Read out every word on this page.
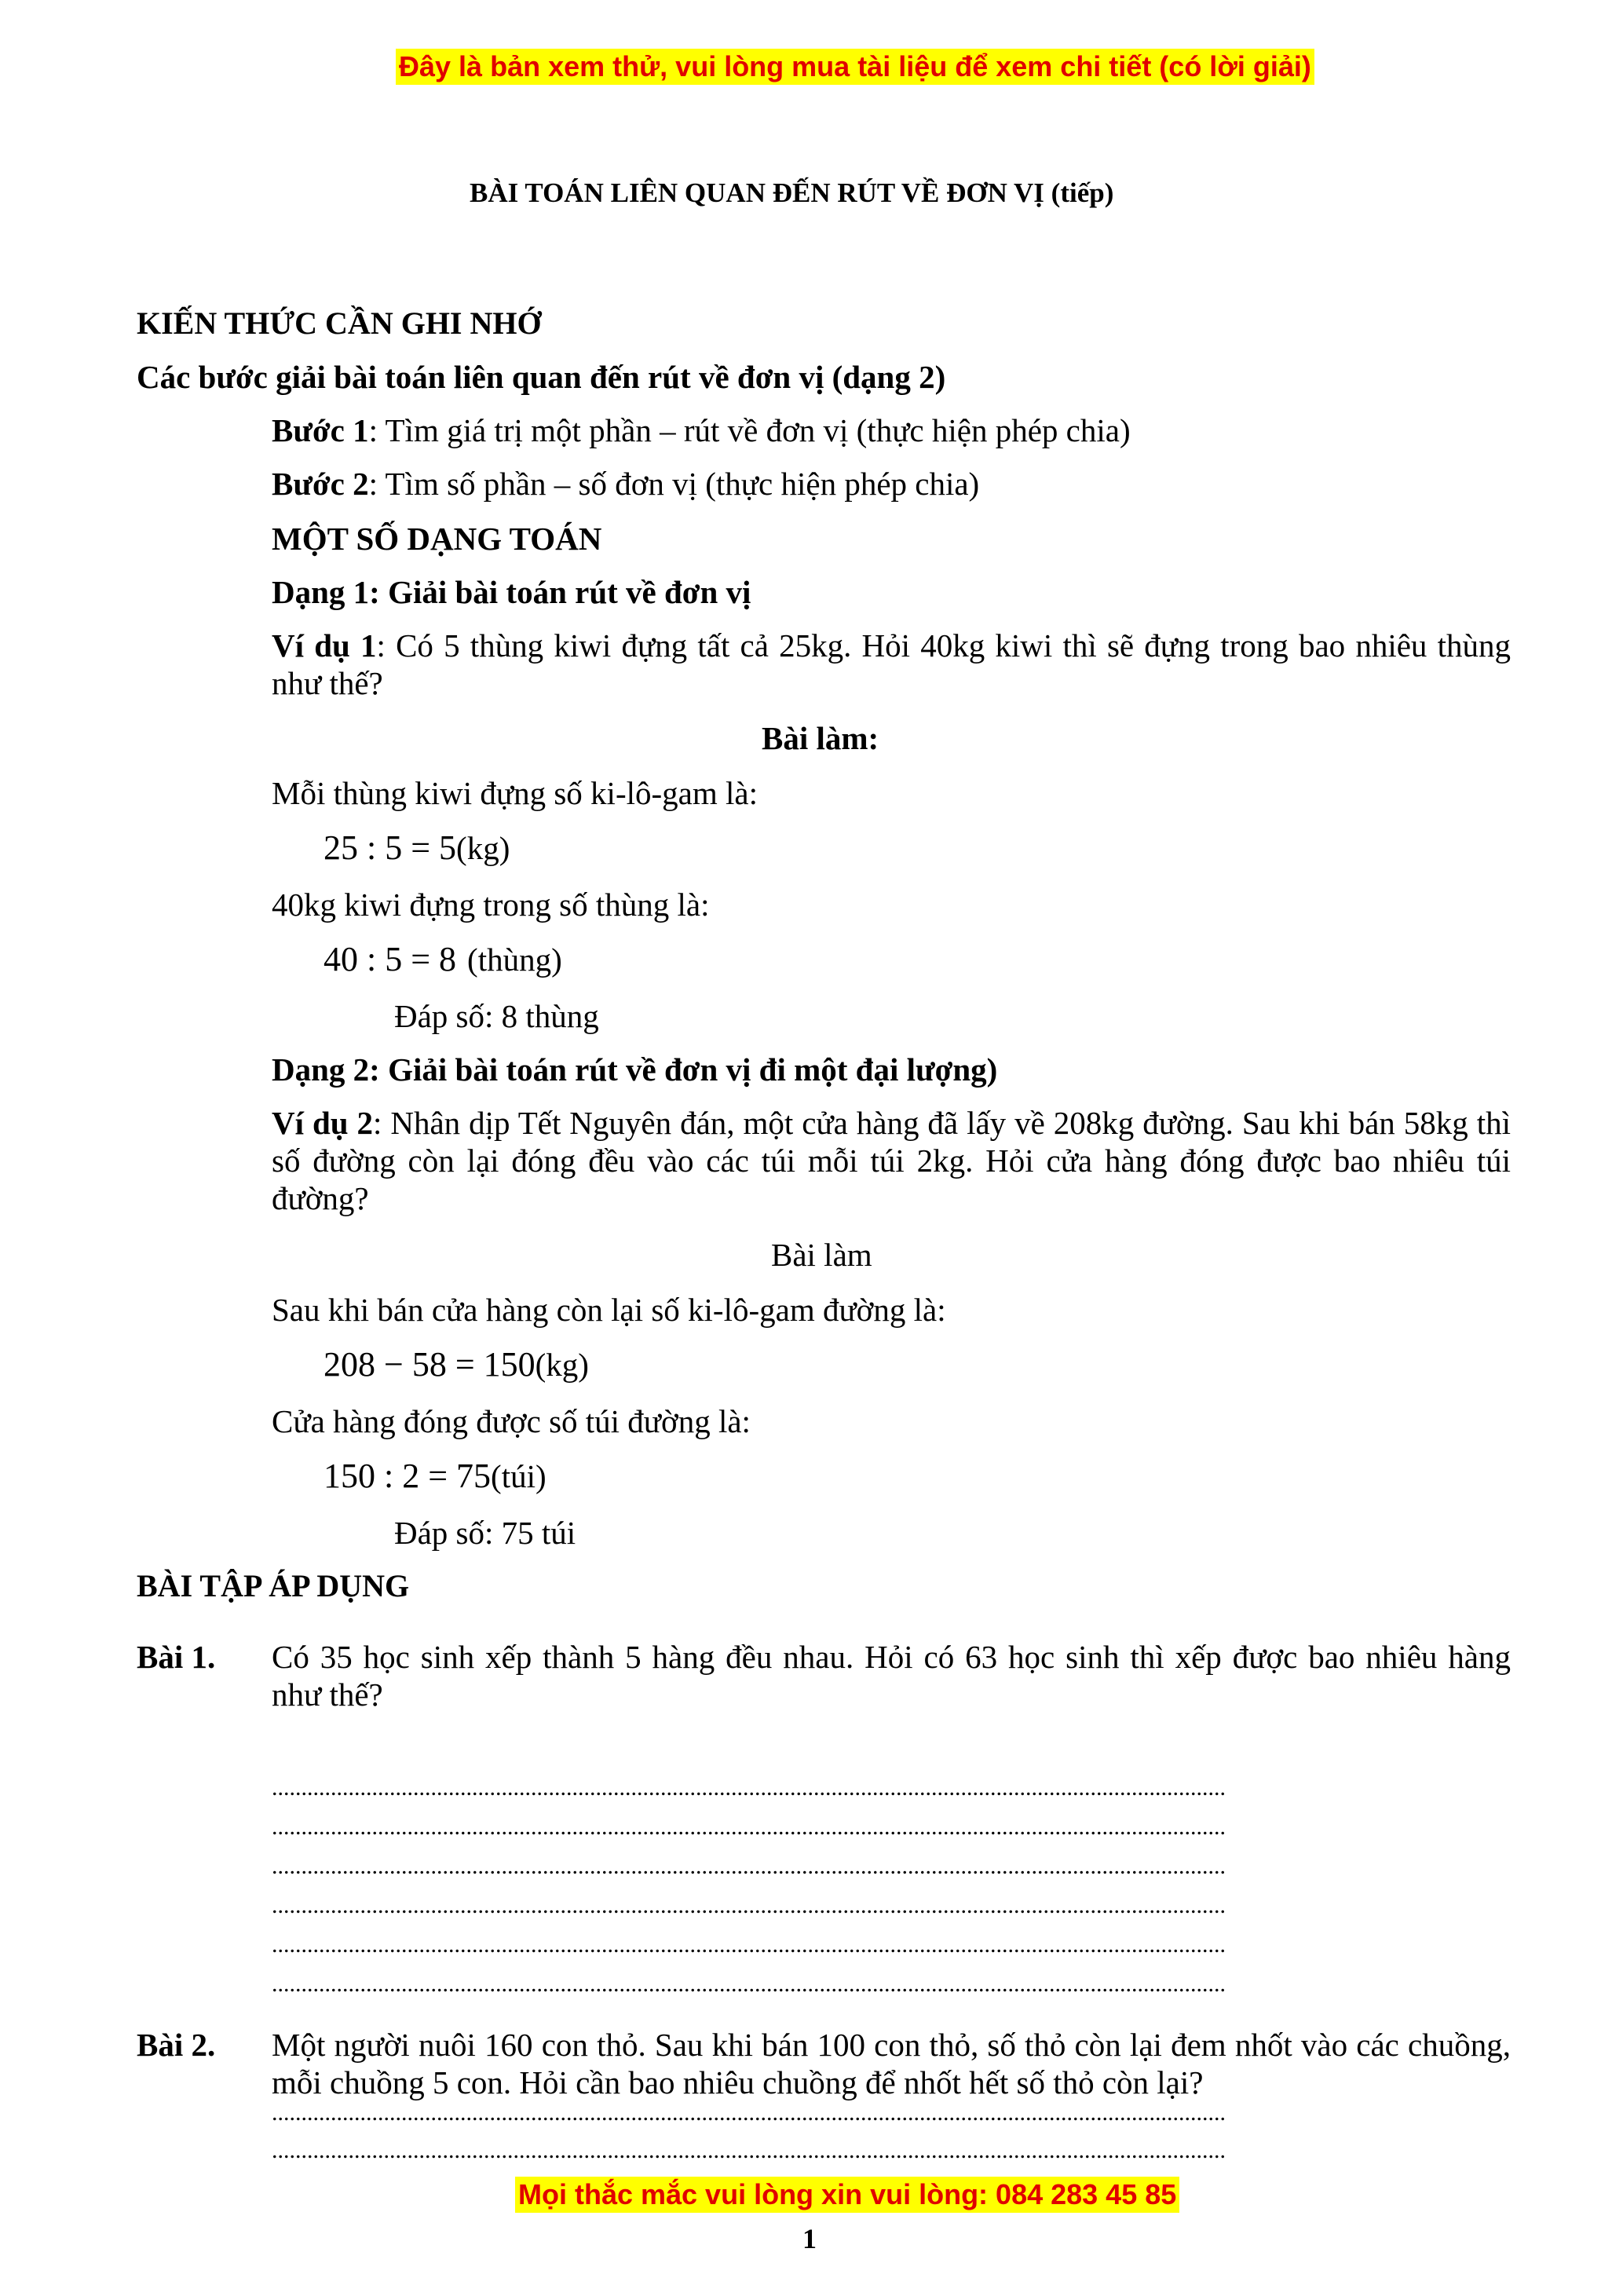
Đây là bản xem thử, vui lòng mua tài liệu để xem chi tiết (có lời giải)
BÀI TOÁN LIÊN QUAN ĐẾN RÚT VỀ ĐƠN VỊ (tiếp)
KIẾN THỨC CẦN GHI NHỚ
Các bước giải bài toán liên quan đến rút về đơn vị (dạng 2)
Bước 1: Tìm giá trị một phần – rút về đơn vị (thực hiện phép chia)
Bước 2: Tìm số phần – số đơn vị (thực hiện phép chia)
MỘT SỐ DẠNG TOÁN
Dạng 1: Giải bài toán rút về đơn vị
Ví dụ 1: Có 5 thùng kiwi đựng tất cả 25kg. Hỏi 40kg kiwi thì sẽ đựng trong bao nhiêu thùng như thế?
Bài làm:
Mỗi thùng kiwi đựng số ki-lô-gam là:
25 : 5 = 5(kg)
40kg kiwi đựng trong số thùng là:
40 : 5 = 8 (thùng)
Đáp số: 8 thùng
Dạng 2: Giải bài toán rút về đơn vị đi một đại lượng)
Ví dụ 2: Nhân dịp Tết Nguyên đán, một cửa hàng đã lấy về 208kg đường. Sau khi bán 58kg thì số đường còn lại đóng đều vào các túi mỗi túi 2kg. Hỏi cửa hàng đóng được bao nhiêu túi đường?
Bài làm
Sau khi bán cửa hàng còn lại số ki-lô-gam đường là:
208 − 58 = 150(kg)
Cửa hàng đóng được số túi đường là:
150 : 2 = 75(túi)
Đáp số: 75 túi
BÀI TẬP ÁP DỤNG
Bài 1. Có 35 học sinh xếp thành 5 hàng đều nhau. Hỏi có 63 học sinh thì xếp được bao nhiêu hàng như thế?
..................................................................................................................................................................
..................................................................................................................................................................
..................................................................................................................................................................
..................................................................................................................................................................
..................................................................................................................................................................
..................................................................................................................................................................
Bài 2. Một người nuôi 160 con thỏ. Sau khi bán 100 con thỏ, số thỏ còn lại đem nhốt vào các chuồng, mỗi chuồng 5 con. Hỏi cần bao nhiêu chuồng để nhốt hết số thỏ còn lại?
..................................................................................................................................................................
..................................................................................................................................................................
Mọi thắc mắc vui lòng xin vui lòng: 084 283 45 85
1
